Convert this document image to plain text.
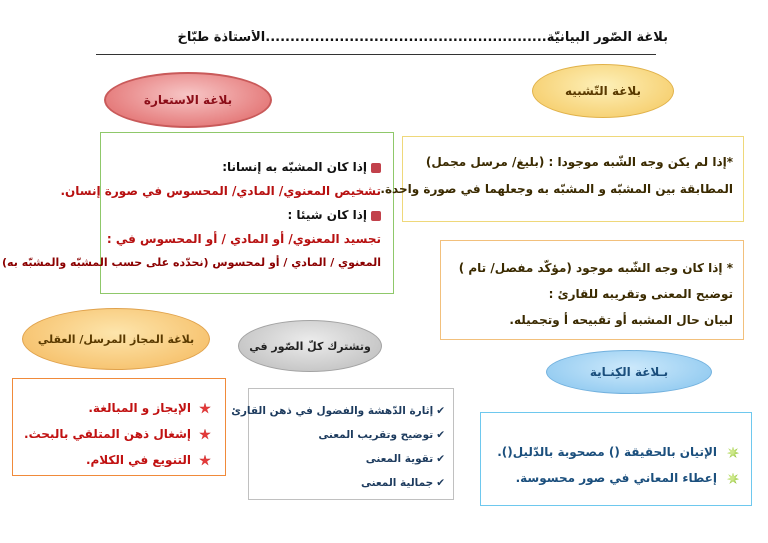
بلاغة الصّور البيانيّة.........................................................الأستاذة طبّاخ
بلاغة الاستعارة
بلاغة التّشبيه

إذا كان المشبّه به إنسانا:

تشخيص المعنوي/ المادي/ المحسوس في صورة إنسان.

إذا كان شيئا :

تجسيد المعنوي/ أو المادي / أو المحسوس في :

المعنوي / المادي / أو لمحسوس (نحدّده على حسب المشبّه والمشبّه به)

*إذا لم يكن وجه الشّبه موجودا : (بليغ/ مرسل مجمل)

المطابقة بين المشبّه و المشبّه به وجعلهما في صورة واحدة.

* إذا كان وجه الشّبه موجود (مؤكّد مفصل/ تام )

توضيح المعنى وتقريبه للقارئ :

لبيان حال المشبه أو تقبيحه أ وتجميله.

بلاغة المجاز المرسل/ العقلي
وتشترك كلّ الصّور في
بـلاغة الكِنـاية

الإيجاز و المبالغة.

إشغال ذهن المتلقي بالبحث.

التنويع في الكلام.

✔إثارة الدّهشة والفضول في ذهن القارئ

✔توضيح وتقريب المعنى

✔تقوية المعنى

✔جمالية المعنى

الإتيان بالحقيقة () مصحوبة بالدّليل().

إعطاء المعاني في صور محسوسة.
